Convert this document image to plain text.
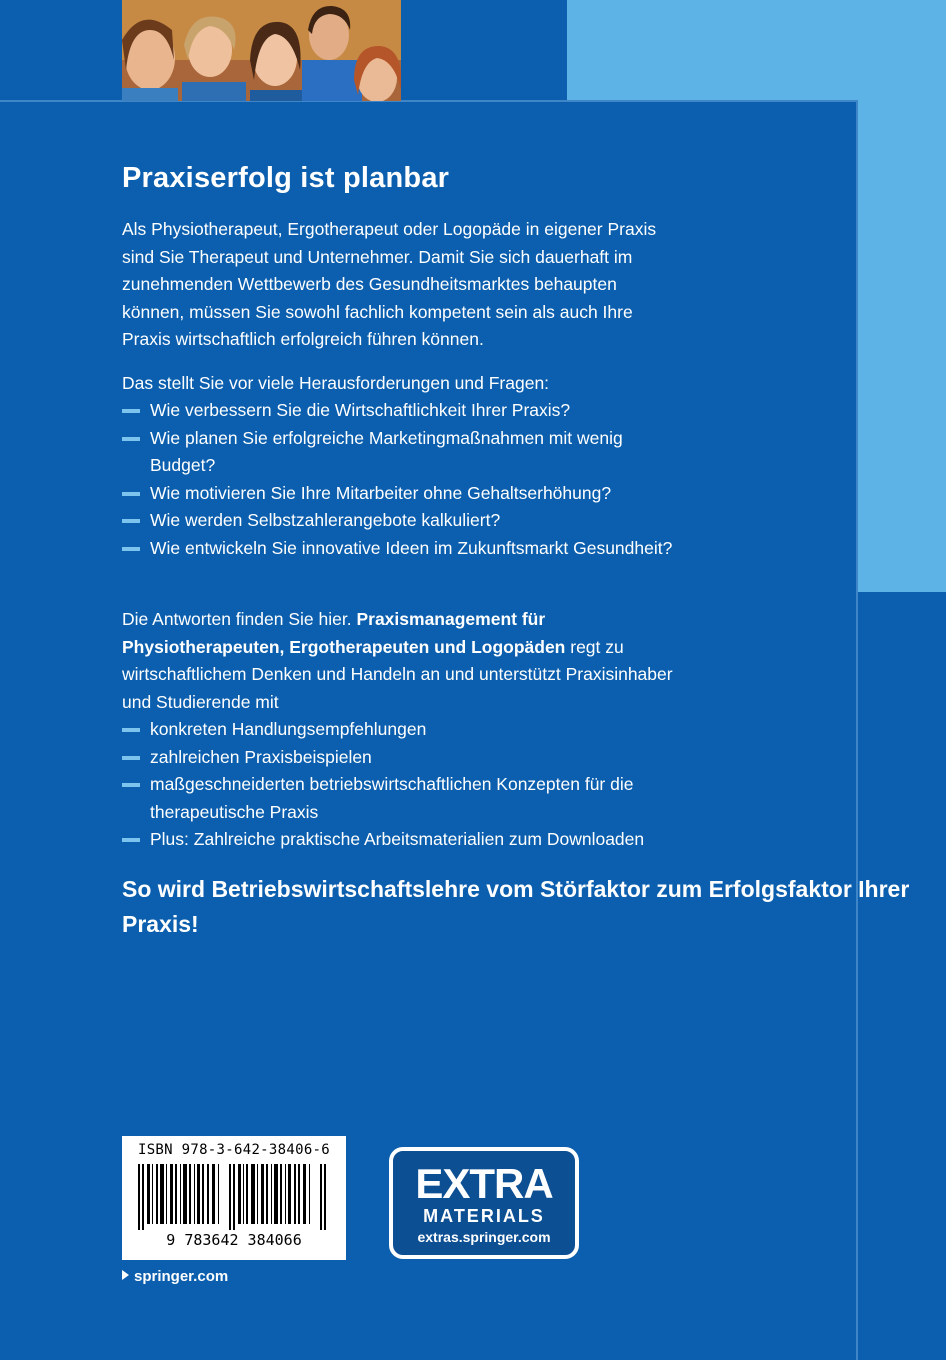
Praxiserfolg ist planbar

Als Physiotherapeut, Ergotherapeut oder Logopäde in eigener Praxis sind Sie Therapeut und Unternehmer. Damit Sie sich dauerhaft im zunehmenden Wettbewerb des Gesundheitsmarktes behaupten können, müssen Sie sowohl fachlich kompetent sein als auch Ihre Praxis wirtschaftlich erfolgreich führen können.

Das stellt Sie vor viele Herausforderungen und Fragen:

Wie verbessern Sie die Wirtschaftlichkeit Ihrer Praxis?
Wie planen Sie erfolgreiche Marketingmaßnahmen mit wenig Budget?
Wie motivieren Sie Ihre Mitarbeiter ohne Gehaltserhöhung?
Wie werden Selbstzahlerangebote kalkuliert?
Wie entwickeln Sie innovative Ideen im Zukunftsmarkt Gesundheit?

Die Antworten finden Sie hier. Praxismanagement für Physiotherapeuten, Ergotherapeuten und Logopäden regt zu wirtschaftlichem Denken und Handeln an und unterstützt Praxisinhaber und Studierende mit

konkreten Handlungsempfehlungen
zahlreichen Praxisbeispielen
maßgeschneiderten betriebswirtschaftlichen Konzepten für die therapeutische Praxis
Plus: Zahlreiche praktische Arbeitsmaterialien zum Downloaden

So wird Betriebswirtschaftslehre vom Störfaktor zum Erfolgsfaktor Ihrer Praxis!

ISBN 978-3-642-38406-6
9 783642 384066
EXTRA
MATERIALS
extras.springer.com
springer.com
